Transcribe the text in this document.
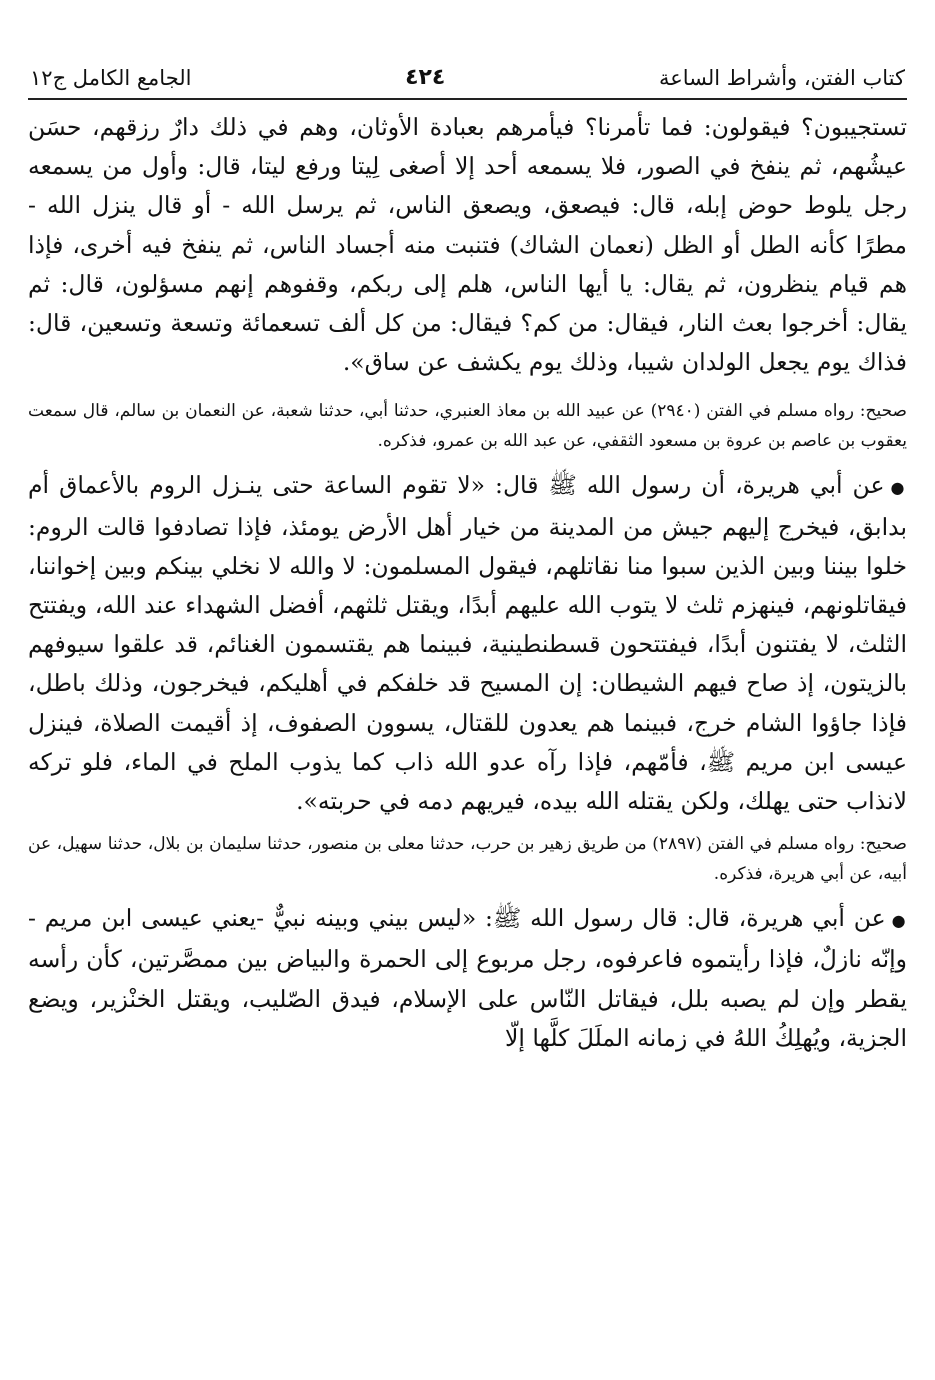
كتاب الفتن، وأشراط الساعة
٤٢٤
الجامع الكامل ج١٢

تستجيبون؟ فيقولون: فما تأمرنا؟ فيأمرهم بعبادة الأوثان، وهم في ذلك دارٌ رزقهم، حسَن عيشُهم، ثم ينفخ في الصور، فلا يسمعه أحد إلا أصغى لِيتا ورفع ليتا، قال: وأول من يسمعه رجل يلوط حوض إبله، قال: فيصعق، ويصعق الناس، ثم يرسل الله - أو قال ينزل الله - مطرًا كأنه الطل أو الظل (نعمان الشاك) فتنبت منه أجساد الناس، ثم ينفخ فيه أخرى، فإذا هم قيام ينظرون، ثم يقال: يا أيها الناس، هلم إلى ربكم، وقفوهم إنهم مسؤلون، قال: ثم يقال: أخرجوا بعث النار، فيقال: من كم؟ فيقال: من كل ألف تسعمائة وتسعة وتسعين، قال: فذاك يوم يجعل الولدان شيبا، وذلك يوم يكشف عن ساق».

صحيح: رواه مسلم في الفتن (٢٩٤٠) عن عبيد الله بن معاذ العنبري، حدثنا أبي، حدثنا شعبة، عن النعمان بن سالم، قال سمعت يعقوب بن عاصم بن عروة بن مسعود الثقفي، عن عبد الله بن عمرو، فذكره.

●عن أبي هريرة، أن رسول الله ﷺ قال: «لا تقوم الساعة حتى ينـزل الروم بالأعماق أم بدابق، فيخرج إليهم جيش من المدينة من خيار أهل الأرض يومئذ، فإذا تصادفوا قالت الروم: خلوا بيننا وبين الذين سبوا منا نقاتلهم، فيقول المسلمون: لا والله لا نخلي بينكم وبين إخواننا، فيقاتلونهم، فينهزم ثلث لا يتوب الله عليهم أبدًا، ويقتل ثلثهم، أفضل الشهداء عند الله، ويفتتح الثلث، لا يفتنون أبدًا، فيفتتحون قسطنطينية، فبينما هم يقتسمون الغنائم، قد علقوا سيوفهم بالزيتون، إذ صاح فيهم الشيطان: إن المسيح قد خلفكم في أهليكم، فيخرجون، وذلك باطل، فإذا جاؤوا الشام خرج، فبينما هم يعدون للقتال، يسوون الصفوف، إذ أقيمت الصلاة، فينزل عيسى ابن مريم ﷺ، فأمّهم، فإذا رآه عدو الله ذاب كما يذوب الملح في الماء، فلو تركه لانذاب حتى يهلك، ولكن يقتله الله بيده، فيريهم دمه في حربته».

صحيح: رواه مسلم في الفتن (٢٨٩٧) من طريق زهير بن حرب، حدثنا معلى بن منصور، حدثنا سليمان بن بلال، حدثنا سهيل، عن أبيه، عن أبي هريرة، فذكره.

●عن أبي هريرة، قال: قال رسول الله ﷺ: «ليس بيني وبينه نبيٌّ -يعني عيسى ابن مريم - وإنّه نازلٌ، فإذا رأيتموه فاعرفوه، رجل مربوع إلى الحمرة والبياض بين ممصَّرتين، كأن رأسه يقطر وإن لم يصبه بلل، فيقاتل النّاس على الإسلام، فيدق الصّليب، ويقتل الخنْزير، ويضع الجزية، ويُهلِكُ اللهُ في زمانه الملَلَ كلَّها إلّا
